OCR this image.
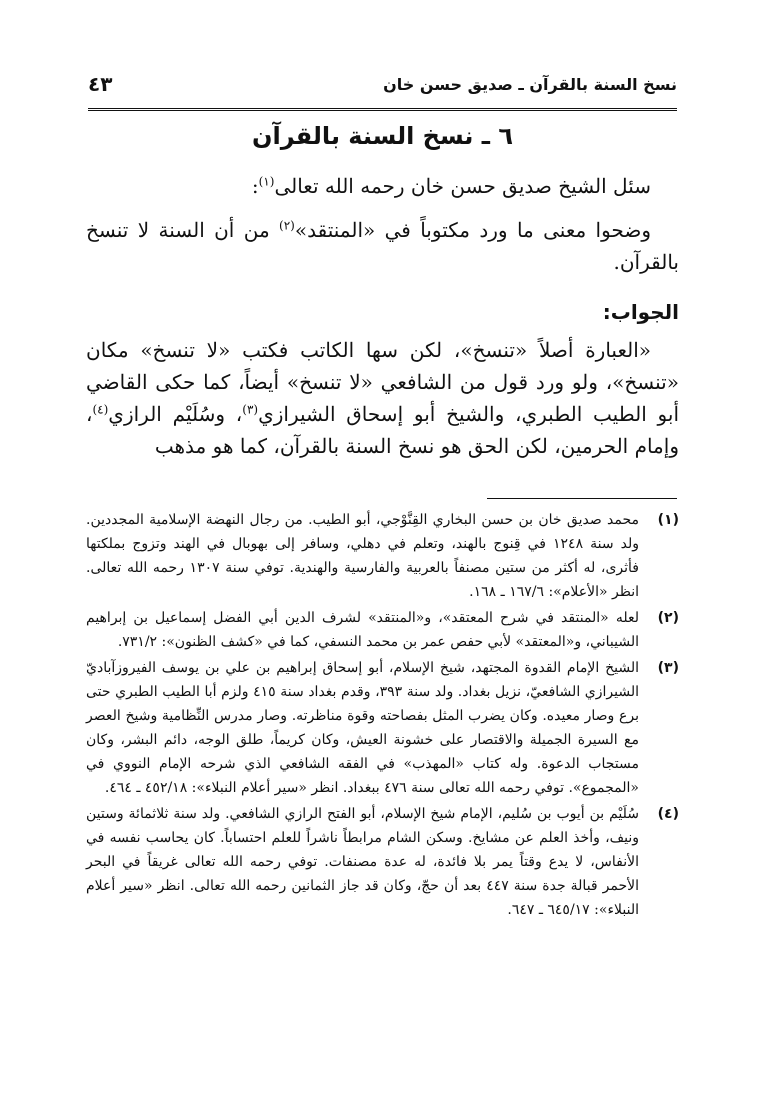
نسخ السنة بالقرآن ـ صديق حسن خان
٤٣
٦ ـ نسخ السنة بالقرآن

سئل الشيخ صديق حسن خان رحمه الله تعالى$^{(١)}$:

وضحوا معنى ما ورد مكتوباً في «المنتقد»$^{(٢)}$ من أن السنة لا تنسخ بالقرآن.

الجواب:

«العبارة أصلاً «تنسخ»، لكن سها الكاتب فكتب «لا تنسخ» مكان «تنسخ»، ولو ورد قول من الشافعي «لا تنسخ» أيضاً، كما حكى القاضي أبو الطيب الطبري، والشيخ أبو إسحاق الشيرازي$^{(٣)}$، وسُلَيْم الرازي$^{(٤)}$، وإمام الحرمين، لكن الحق هو نسخ السنة بالقرآن، كما هو مذهب

(١)
محمد صديق خان بن حسن البخاري القِنَّوْجي، أبو الطيب. من رجال النهضة الإسلامية المجددين. ولد سنة ١٢٤٨ في قِنوج بالهند، وتعلم في دهلي، وسافر إلى بهوبال في الهند وتزوج بملكتها فأثرى، له أكثر من ستين مصنفاً بالعربية والفارسية والهندية. توفي سنة ١٣٠٧ رحمه الله تعالى. انظر «الأعلام»: ١٦٧/٦ ـ ١٦٨.
(٢)
لعله «المنتقد في شرح المعتقد»، و«المنتقد» لشرف الدين أبي الفضل إسماعيل بن إبراهيم الشيباني، و«المعتقد» لأبي حفص عمر بن محمد النسفي، كما في «كشف الظنون»: ٧٣١/٢.
(٣)
الشيخ الإمام القدوة المجتهد، شيخ الإسلام، أبو إسحاق إبراهيم بن علي بن يوسف الفيروزآباديّ الشيرازي الشافعيّ، نزيل بغداد. ولد سنة ٣٩٣، وقدم بغداد سنة ٤١٥ ولزم أبا الطيب الطبري حتى برع وصار معيده. وكان يضرب المثل بفصاحته وقوة مناظرته. وصار مدرس النِّظامية وشيخ العصر مع السيرة الجميلة والاقتصار على خشونة العيش، وكان كريماً، طلق الوجه، دائم البشر، وكان مستجاب الدعوة. وله كتاب «المهذب» في الفقه الشافعي الذي شرحه الإمام النووي في «المجموع». توفي رحمه الله تعالى سنة ٤٧٦ ببغداد. انظر «سير أعلام النبلاء»: ٤٥٢/١٨ ـ ٤٦٤.
(٤)
سُلَيْم بن أيوب بن سُليم، الإمام شيخ الإسلام، أبو الفتح الرازي الشافعي. ولد سنة ثلاثمائة وستين ونيف، وأخذ العلم عن مشايخ. وسكن الشام مرابطاً ناشراً للعلم احتساباً. كان يحاسب نفسه في الأنفاس، لا يدع وقتاً يمر بلا فائدة، له عدة مصنفات. توفي رحمه الله تعالى غريقاً في البحر الأحمر قبالة جدة سنة ٤٤٧ بعد أن حجّ، وكان قد جاز الثمانين رحمه الله تعالى. انظر «سير أعلام النبلاء»: ٦٤٥/١٧ ـ ٦٤٧.
